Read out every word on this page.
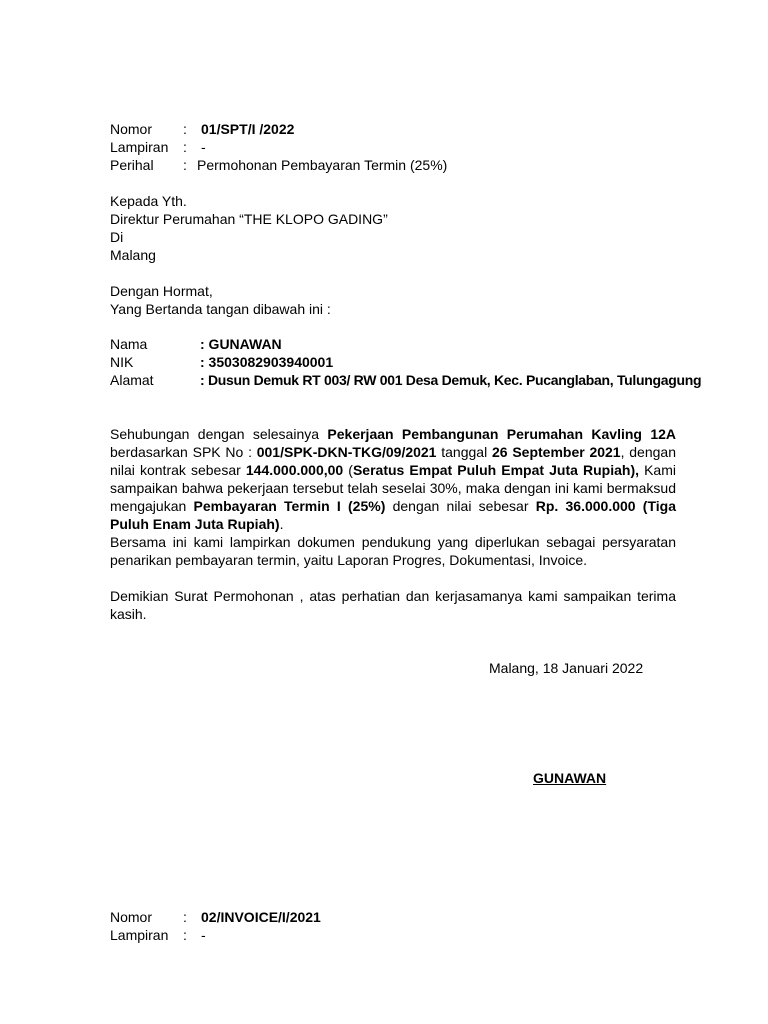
Nomor : 01/SPT/I /2022
Lampiran : -
Perihal : Permohonan Pembayaran Termin (25%)
Kepada Yth.
Direktur Perumahan “THE KLOPO GADING”
Di
Malang
Dengan Hormat,
Yang Bertanda tangan dibawah ini :
Nama	: GUNAWAN
NIK	: 3503082903940001
Alamat	: Dusun Demuk RT 003/ RW 001 Desa Demuk, Kec. Pucanglaban, Tulungagung
Sehubungan dengan selesainya Pekerjaan Pembangunan Perumahan Kavling 12A berdasarkan SPK No : 001/SPK-DKN-TKG/09/2021 tanggal 26 September 2021, dengan nilai kontrak sebesar 144.000.000,00 (Seratus Empat Puluh Empat Juta Rupiah), Kami sampaikan bahwa pekerjaan tersebut telah seselai 30%, maka dengan ini kami bermaksud mengajukan Pembayaran Termin I (25%) dengan nilai sebesar Rp. 36.000.000 (Tiga Puluh Enam Juta Rupiah).
Bersama ini kami lampirkan dokumen pendukung yang diperlukan sebagai persyaratan penarikan pembayaran termin, yaitu Laporan Progres, Dokumentasi, Invoice.
Demikian Surat Permohonan , atas perhatian dan kerjasamanya kami sampaikan terima kasih.
Malang, 18 Januari 2022
GUNAWAN
Nomor : 02/INVOICE/I/2021
Lampiran : -
